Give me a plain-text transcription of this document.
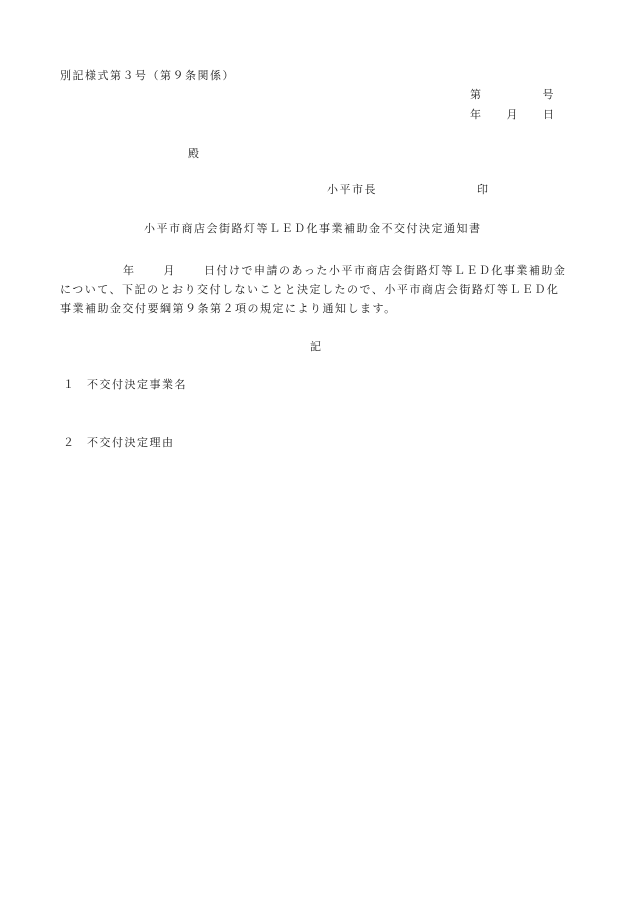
別記様式第３号（第９条関係）
第	号
年 月 日
殿
小平市長	印
小平市商店会街路灯等ＬＥＤ化事業補助金不交付決定通知書
年	月	日付けで申請のあった小平市商店会街路灯等ＬＥＤ化事業補助金
について、下記のとおり交付しないことと決定したので、小平市商店会街路灯等ＬＥＤ化
事業補助金交付要綱第９条第２項の規定により通知します。
記
１ 不交付決定事業名
２ 不交付決定理由
